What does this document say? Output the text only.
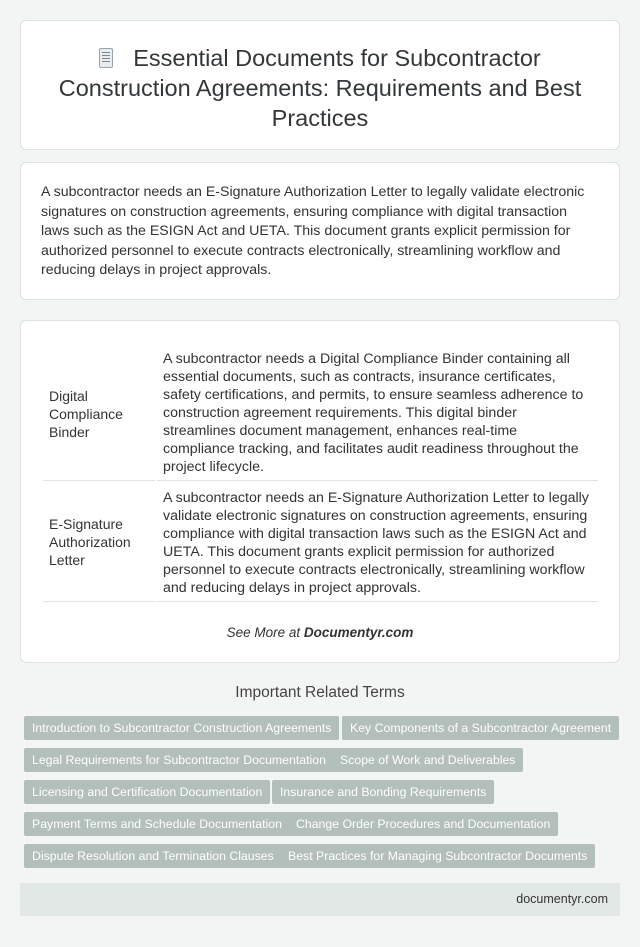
Essential Documents for Subcontractor Construction Agreements: Requirements and Best Practices

A subcontractor needs an E-Signature Authorization Letter to legally validate electronic signatures on construction agreements, ensuring compliance with digital transaction laws such as the ESIGN Act and UETA. This document grants explicit permission for authorized personnel to execute contracts electronically, streamlining workflow and reducing delays in project approvals.

Digital Compliance Binder
A subcontractor needs a Digital Compliance Binder containing all essential documents, such as contracts, insurance certificates, safety certifications, and permits, to ensure seamless adherence to construction agreement requirements. This digital binder streamlines document management, enhances real-time compliance tracking, and facilitates audit readiness throughout the project lifecycle.
E-Signature Authorization Letter
A subcontractor needs an E-Signature Authorization Letter to legally validate electronic signatures on construction agreements, ensuring compliance with digital transaction laws such as the ESIGN Act and UETA. This document grants explicit permission for authorized personnel to execute contracts electronically, streamlining workflow and reducing delays in project approvals.
See More at Documentyr.com
Important Related Terms
Introduction to Subcontractor Construction Agreements	Key Components of a Subcontractor Agreement
Legal Requirements for Subcontractor Documentation	Scope of Work and Deliverables
Licensing and Certification Documentation	Insurance and Bonding Requirements
Payment Terms and Schedule Documentation	Change Order Procedures and Documentation
Dispute Resolution and Termination Clauses	Best Practices for Managing Subcontractor Documents
documentyr.com
